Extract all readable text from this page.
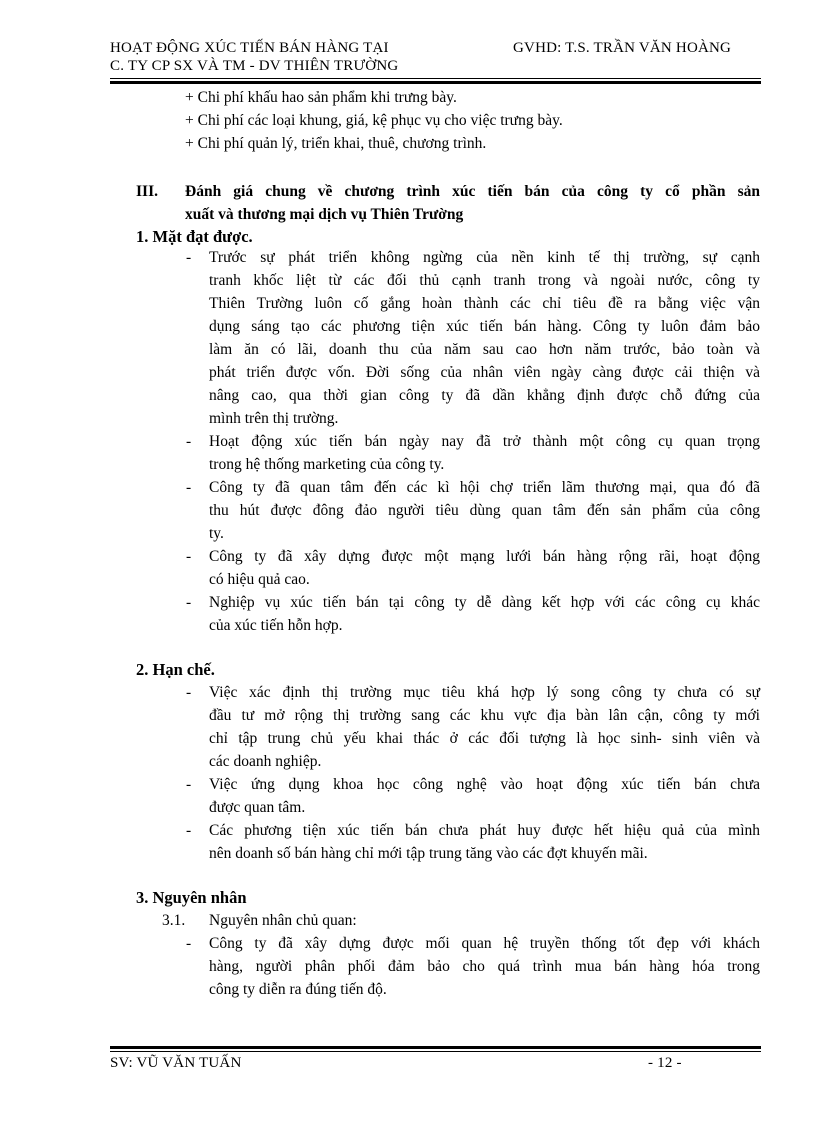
HOẠT ĐỘNG XÚC TIẾN BÁN HÀNG TẠI
C. TY CP SX VÀ TM - DV THIÊN TRƯỜNG
GVHD: T.S. TRẦN VĂN HOÀNG
+ Chi phí khấu hao sản phẩm khi trưng bày.
+ Chi phí các loại khung, giá, kệ phục vụ cho việc trưng bày.
+ Chi phí quản lý, triển khai, thuê, chương trình.
III. Đánh giá chung về chương trình xúc tiến bán của công ty cổ phần sản
xuất và thương mại dịch vụ Thiên Trường
1. Mặt đạt được.
- Trước sự phát triển không ngừng của nền kinh tế thị trường, sự cạnh
tranh khốc liệt từ các đối thủ cạnh tranh trong và ngoài nước, công ty
Thiên Trường luôn cố gắng hoàn thành các chỉ tiêu đề ra bằng việc vận
dụng sáng tạo các phương tiện xúc tiến bán hàng. Công ty luôn đảm bảo
làm ăn có lãi, doanh thu của năm sau cao hơn năm trước, bảo toàn và
phát triển được vốn. Đời sống của nhân viên ngày càng được cải thiện và
nâng cao, qua thời gian công ty đã dần khẳng định được chỗ đứng của
mình trên thị trường.
- Hoạt động xúc tiến bán ngày nay đã trở thành một công cụ quan trọng
trong hệ thống marketing của công ty.
- Công ty đã quan tâm đến các kì hội chợ triển lãm thương mại, qua đó đã
thu hút được đông đảo người tiêu dùng quan tâm đến sản phẩm của công
ty.
- Công ty đã xây dựng được một mạng lưới bán hàng rộng rãi, hoạt động
có hiệu quả cao.
- Nghiệp vụ xúc tiến bán tại công ty dễ dàng kết hợp với các công cụ khác
của xúc tiến hỗn hợp.
2. Hạn chế.
- Việc xác định thị trường mục tiêu khá hợp lý song công ty chưa có sự
đầu tư mở rộng thị trường sang các khu vực địa bàn lân cận, công ty mới
chỉ tập trung chủ yếu khai thác ở các đối tượng là học sinh- sinh viên và
các doanh nghiệp.
- Việc ứng dụng khoa học công nghệ vào hoạt động xúc tiến bán chưa
được quan tâm.
- Các phương tiện xúc tiến bán chưa phát huy được hết hiệu quả của mình
nên doanh số bán hàng chỉ mới tập trung tăng vào các đợt khuyến mãi.
3. Nguyên nhân
3.1. Nguyên nhân chủ quan:
- Công ty đã xây dựng được mối quan hệ truyền thống tốt đẹp với khách
hàng, người phân phối đảm bảo cho quá trình mua bán hàng hóa trong
công ty diễn ra đúng tiến độ.
SV: VŨ VĂN TUẤN	- 12 -
